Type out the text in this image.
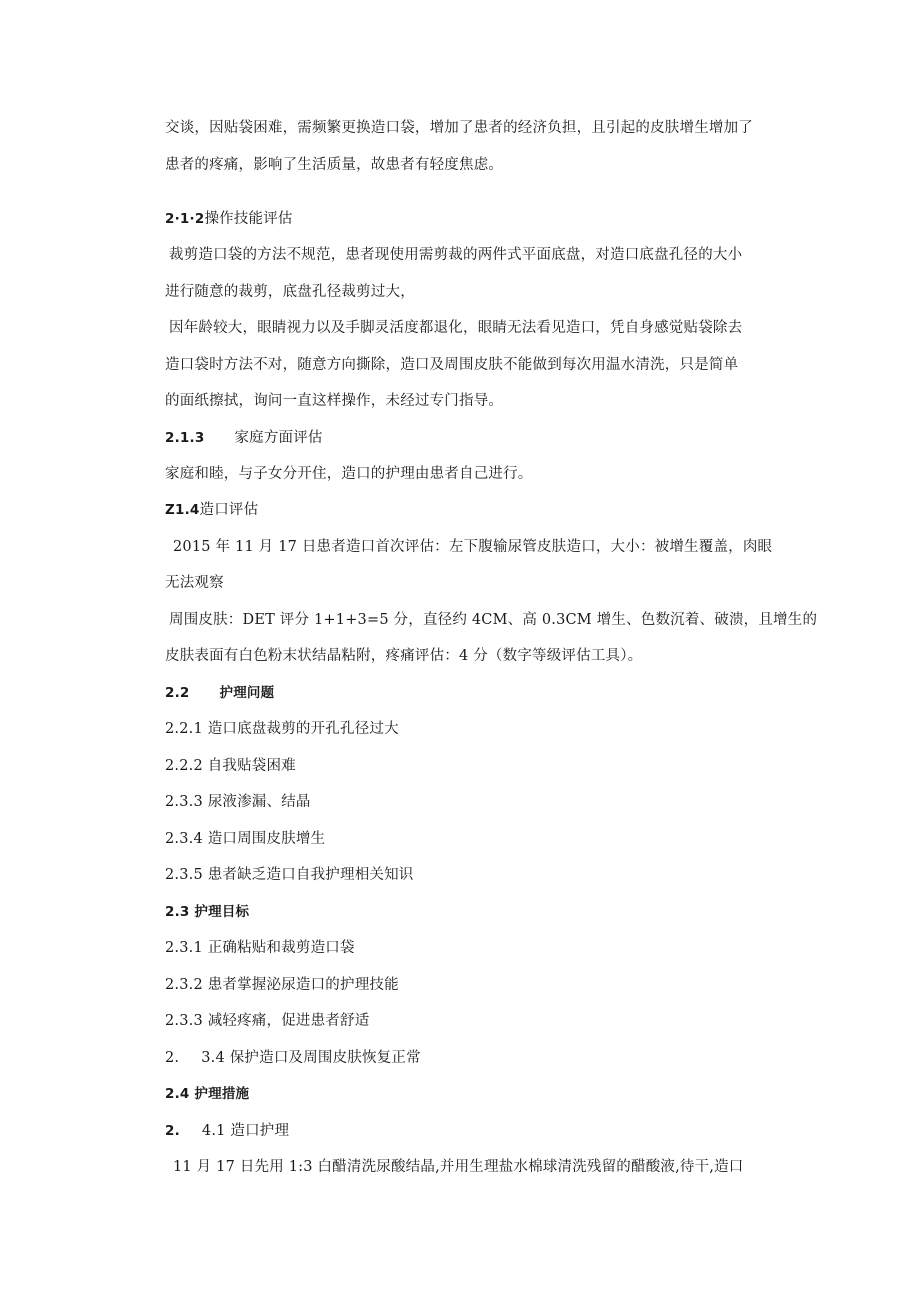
交谈，因贴袋困难，需频繁更换造口袋，增加了患者的经济负担，且引起的皮肤增生增加了
患者的疼痛，影响了生活质量，故患者有轻度焦虑。
2·1·2操作技能评估
裁剪造口袋的方法不规范，患者现使用需剪裁的两件式平面底盘，对造口底盘孔径的大小
进行随意的裁剪，底盘孔径裁剪过大，
因年龄较大，眼睛视力以及手脚灵活度都退化，眼睛无法看见造口，凭自身感觉贴袋除去
造口袋时方法不对，随意方向撕除，造口及周围皮肤不能做到每次用温水清洗，只是简单
的面纸擦拭，询问一直这样操作，未经过专门指导。
2.1.3 家庭方面评估
家庭和睦，与子女分开住，造口的护理由患者自己进行。
Z1.4造口评估
2015 年 11 月 17 日患者造口首次评估：左下腹输尿管皮肤造口，大小：被增生覆盖，肉眼
无法观察
周围皮肤：DET 评分 1+1+3=5 分，直径约 4CM、高 0.3CM 增生、色数沉着、破溃，且增生的
皮肤表面有白色粉末状结晶粘附，疼痛评估：4 分（数字等级评估工具）。
2.2 护理问题
2.2.1 造口底盘裁剪的开孔孔径过大
2.2.2 自我贴袋困难
2.3.3 尿液渗漏、结晶
2.3.4 造口周围皮肤增生
2.3.5 患者缺乏造口自我护理相关知识
2.3 护理目标
2.3.1 正确粘贴和裁剪造口袋
2.3.2 患者掌握泌尿造口的护理技能
2.3.3 减轻疼痛，促进患者舒适
2. 3.4 保护造口及周围皮肤恢复正常
2.4 护理措施
2. 4.1 造口护理
11 月 17 日先用 1:3 白醋清洗尿酸结晶,并用生理盐水棉球清洗残留的醋酸液,待干,造口
